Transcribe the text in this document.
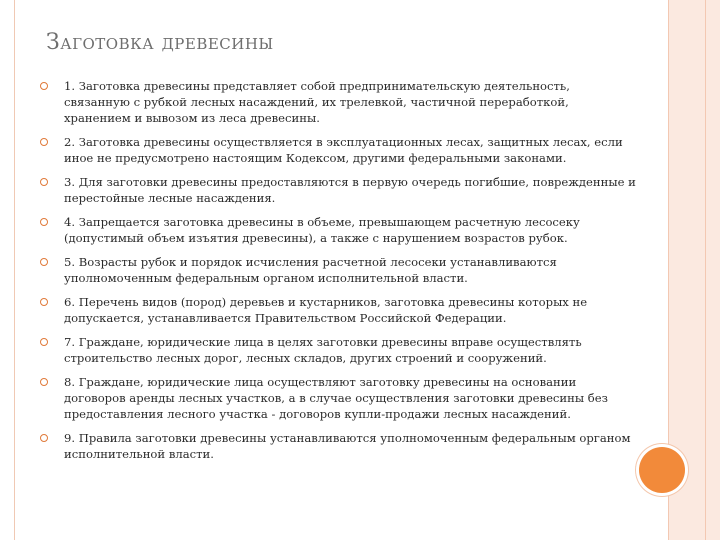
Заготовка древесины
1. Заготовка древесины представляет собой предпринимательскую деятельность, связанную с рубкой лесных насаждений, их трелевкой, частичной переработкой, хранением и вывозом из леса древесины.
2. Заготовка древесины осуществляется в эксплуатационных лесах, защитных лесах, если иное не предусмотрено настоящим Кодексом, другими федеральными законами.
3. Для заготовки древесины предоставляются в первую очередь погибшие, поврежденные и перестойные лесные насаждения.
4. Запрещается заготовка древесины в объеме, превышающем расчетную лесосеку (допустимый объем изъятия древесины), а также с нарушением возрастов рубок.
5. Возрасты рубок и порядок исчисления расчетной лесосеки устанавливаются уполномоченным федеральным органом исполнительной власти.
6. Перечень видов (пород) деревьев и кустарников, заготовка древесины которых не допускается, устанавливается Правительством Российской Федерации.
7. Граждане, юридические лица в целях заготовки древесины вправе осуществлять строительство лесных дорог, лесных складов, других строений и сооружений.
8. Граждане, юридические лица осуществляют заготовку древесины на основании договоров аренды лесных участков, а в случае осуществления заготовки древесины без предоставления лесного участка - договоров купли-продажи лесных насаждений.
9. Правила заготовки древесины устанавливаются уполномоченным федеральным органом исполнительной власти.
